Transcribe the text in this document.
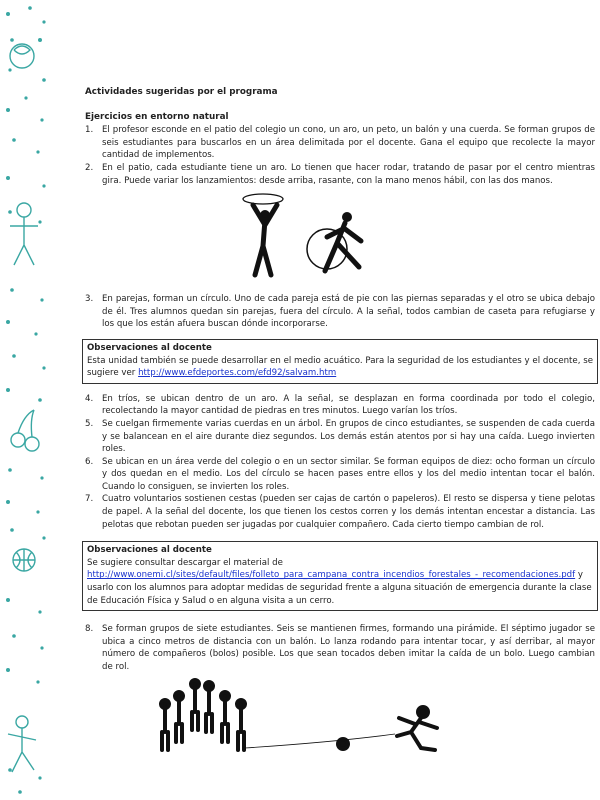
Actividades sugeridas por el programa
Ejercicios en entorno natural
1.	El profesor esconde en el patio del colegio un cono, un aro, un peto, un balón y una cuerda. Se forman grupos de seis estudiantes para buscarlos en un área delimitada por el docente. Gana el equipo que recolecte la mayor cantidad de implementos.
2.	En el patio, cada estudiante tiene un aro. Lo tienen que hacer rodar, tratando de pasar por el centro mientras gira. Puede variar los lanzamientos: desde arriba, rasante, con la mano menos hábil, con las dos manos.
3.	En parejas, forman un círculo. Uno de cada pareja está de pie con las piernas separadas y el otro se ubica debajo de él. Tres alumnos quedan sin parejas, fuera del círculo. A la señal, todos cambian de caseta para refugiarse y los que los están afuera buscan dónde incorporarse.
Observaciones al docente
Esta unidad también se puede desarrollar en el medio acuático. Para la seguridad de los estudiantes y el docente, se sugiere ver http://www.efdeportes.com/efd92/salvam.htm
4.	En tríos, se ubican dentro de un aro. A la señal, se desplazan en forma coordinada por todo el colegio, recolectando la mayor cantidad de piedras en tres minutos. Luego varían los tríos.
5.	Se cuelgan firmemente varias cuerdas en un árbol. En grupos de cinco estudiantes, se suspenden de cada cuerda y se balancean en el aire durante diez segundos. Los demás están atentos por si hay una caída. Luego invierten roles.
6.	Se ubican en un área verde del colegio o en un sector similar. Se forman equipos de diez: ocho forman un círculo y dos quedan en el medio. Los del círculo se hacen pases entre ellos y los del medio intentan tocar el balón. Cuando lo consiguen, se invierten los roles.
7.	Cuatro voluntarios sostienen cestas (pueden ser cajas de cartón o papeleros). El resto se dispersa y tiene pelotas de papel. A la señal del docente, los que tienen los cestos corren y los demás intentan encestar a distancia. Las pelotas que rebotan pueden ser jugadas por cualquier compañero. Cada cierto tiempo cambian de rol.
Observaciones al docente
Se sugiere consultar descargar el material de
http://www.onemi.cl/sites/default/files/folleto_para_campana_contra_incendios_forestales_-_recomendaciones.pdf y usarlo con los alumnos para adoptar medidas de seguridad frente a alguna situación de emergencia durante la clase de Educación Física y Salud o en alguna visita a un cerro.
8.	Se forman grupos de siete estudiantes. Seis se mantienen firmes, formando una pirámide. El séptimo jugador se ubica a cinco metros de distancia con un balón. Lo lanza rodando para intentar tocar, y así derribar, al mayor número de compañeros (bolos) posible. Los que sean tocados deben imitar la caída de un bolo. Luego cambian de rol.
